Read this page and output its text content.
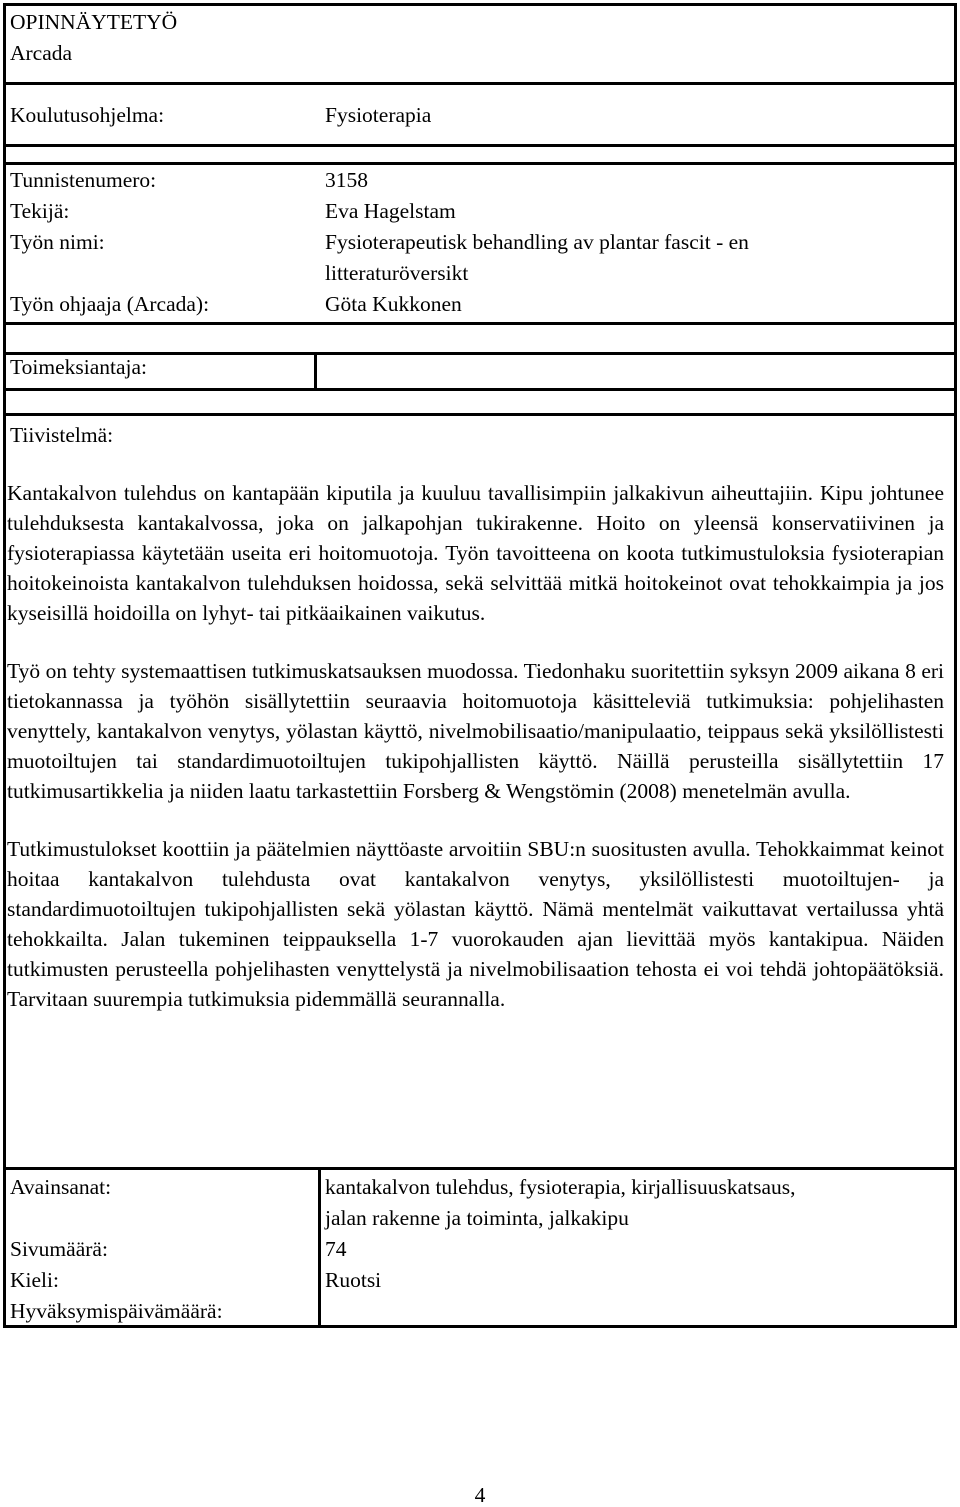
OPINNÄYTETYÖ
Arcada
Koulutusohjelma:	Fysioterapia
Tunnistenumero:	3158
Tekijä:	Eva Hagelstam
Työn nimi:	Fysioterapeutisk behandling av plantar fascit - en
litteraturöversikt
Työn ohjaaja (Arcada):	Göta Kukkonen
Toimeksiantaja:
Tiivistelmä:

Kantakalvon tulehdus on kantapään kiputila ja kuuluu tavallisimpiin jalkakivun aiheuttajiin. Kipu johtunee tulehduksesta kantakalvossa, joka on jalkapohjan tukirakenne. Hoito on yleensä konservatiivinen ja fysioterapiassa käytetään useita eri hoitomuotoja. Työn tavoitteena on koota tutkimustuloksia fysioterapian hoitokeinoista kantakalvon tulehduksen hoidossa, sekä selvittää mitkä hoitokeinot ovat tehokkaimpia ja jos kyseisillä hoidoilla on lyhyt- tai pitkäaikainen vaikutus.

Työ on tehty systemaattisen tutkimuskatsauksen muodossa. Tiedonhaku suoritettiin syksyn 2009 aikana 8 eri tietokannassa ja työhön sisällytettiin seuraavia hoitomuotoja käsitteleviä tutkimuksia: pohjelihasten venyttely, kantakalvon venytys, yölastan käyttö, nivelmobilisaatio/manipulaatio, teippaus sekä yksilöllistesti muotoiltujen tai standardimuotoiltujen tukipohjallisten käyttö. Näillä perusteilla sisällytettiin 17 tutkimusartikkelia ja niiden laatu tarkastettiin Forsberg & Wengstömin (2008) menetelmän avulla.

Tutkimustulokset koottiin ja päätelmien näyttöaste arvoitiin SBU:n suositusten avulla. Tehokkaimmat keinot hoitaa kantakalvon tulehdusta ovat kantakalvon venytys, yksilöllistesti muotoiltujen- ja standardimuotoiltujen tukipohjallisten sekä yölastan käyttö. Nämä mentelmät vaikuttavat vertailussa yhtä tehokkailta. Jalan tukeminen teippauksella 1-7 vuorokauden ajan lievittää myös kantakipua. Näiden tutkimusten perusteella pohjelihasten venyttelystä ja nivelmobilisaation tehosta ei voi tehdä johtopäätöksiä. Tarvitaan suurempia tutkimuksia pidemmällä seurannalla.

Avainsanat:	kantakalvon tulehdus, fysioterapia, kirjallisuuskatsaus,
jalan rakenne ja toiminta, jalkakipu
Sivumäärä:	74
Kieli:	Ruotsi
Hyväksymispäivämäärä:
4
